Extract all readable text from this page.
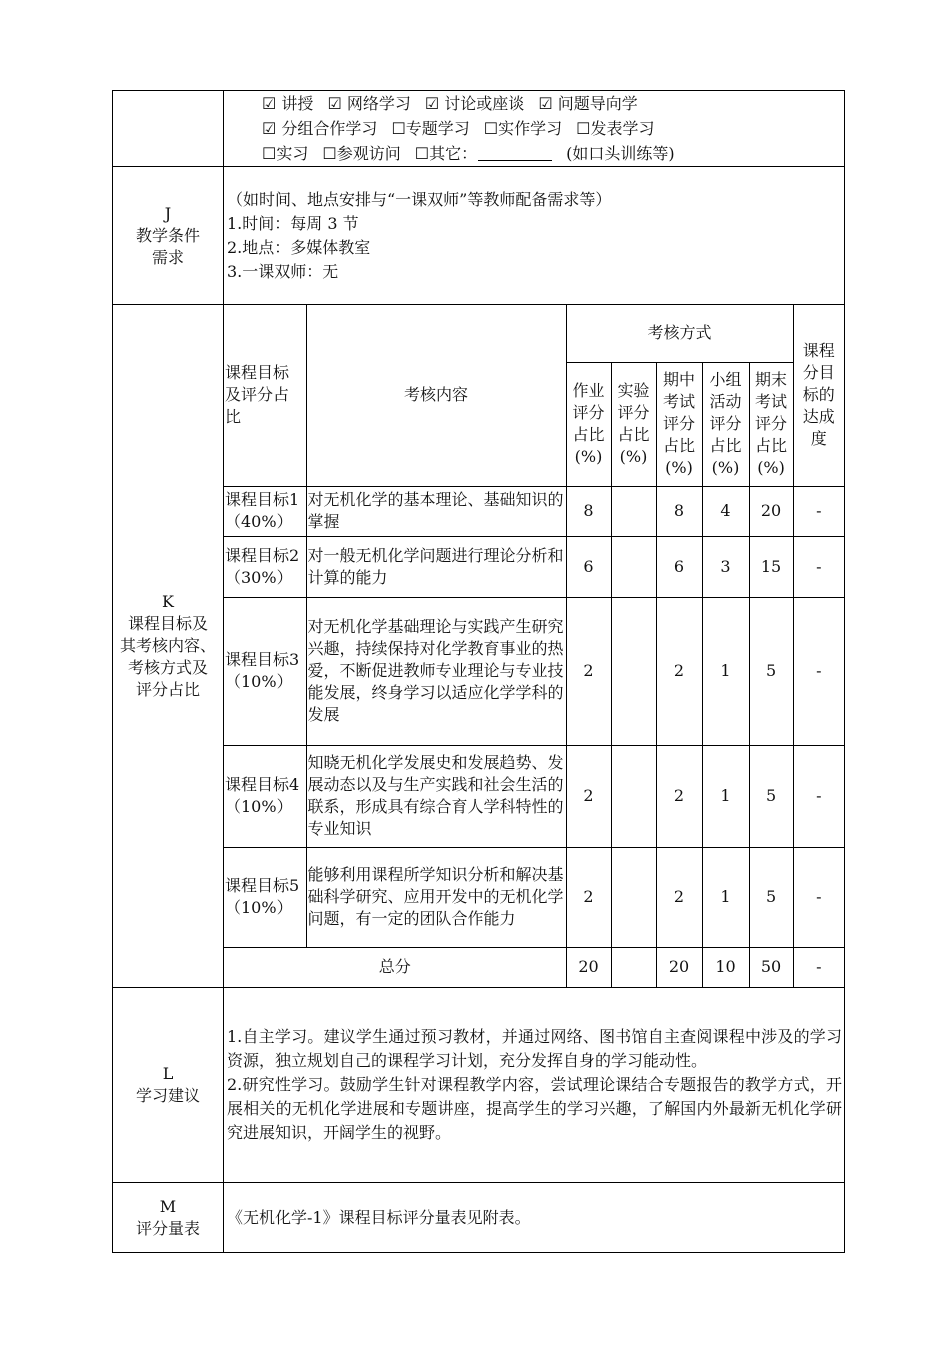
☑ 讲授 ☑ 网络学习 ☑ 讨论或座谈 ☑ 问题导向学
☑ 分组合作学习 ☐专题学习 ☐实作学习 ☐发表学习
☐实习 ☐参观访问 ☐其它：	(如口头训练等)

J
教学条件
需求

（如时间、地点安排与“一课双师”等教师配备需求等）
1.时间：每周 3 节
2.地点：多媒体教室
3.一课双师：无

K
课程目标及
其考核内容、
考核方式及
评分占比

课程目标及评分占比	考核内容	考核方式	课程分目标的达成度
作业评分占比(%)	实验评分占比(%)	期中考试评分占比(%)	小组活动评分占比(%)	期末考试评分占比(%)
课程目标1（40%）	对无机化学的基本理论、基础知识的掌握	8		8	4	20	-
课程目标2（30%）	对一般无机化学问题进行理论分析和计算的能力	6		6	3	15	-
课程目标3（10%）	对无机化学基础理论与实践产生研究兴趣，持续保持对化学教育事业的热爱，不断促进教师专业理论与专业技能发展，终身学习以适应化学学科的发展	2		2	1	5	-
课程目标4（10%）	知晓无机化学发展史和发展趋势、发展动态以及与生产实践和社会生活的联系，形成具有综合育人学科特性的专业知识	2		2	1	5	-
课程目标5（10%）	能够利用课程所学知识分析和解决基础科学研究、应用开发中的无机化学问题，有一定的团队合作能力	2		2	1	5	-
总分	20		20	10	50	-

L
学习建议

1.自主学习。建议学生通过预习教材，并通过网络、图书馆自主查阅课程中涉及的学习资源，独立规划自己的课程学习计划，充分发挥自身的学习能动性。

2.研究性学习。鼓励学生针对课程教学内容，尝试理论课结合专题报告的教学方式，开展相关的无机化学进展和专题讲座，提高学生的学习兴趣，了解国内外最新无机化学研究进展知识，开阔学生的视野。

M
评分量表
	《无机化学-1》课程目标评分量表见附表。
